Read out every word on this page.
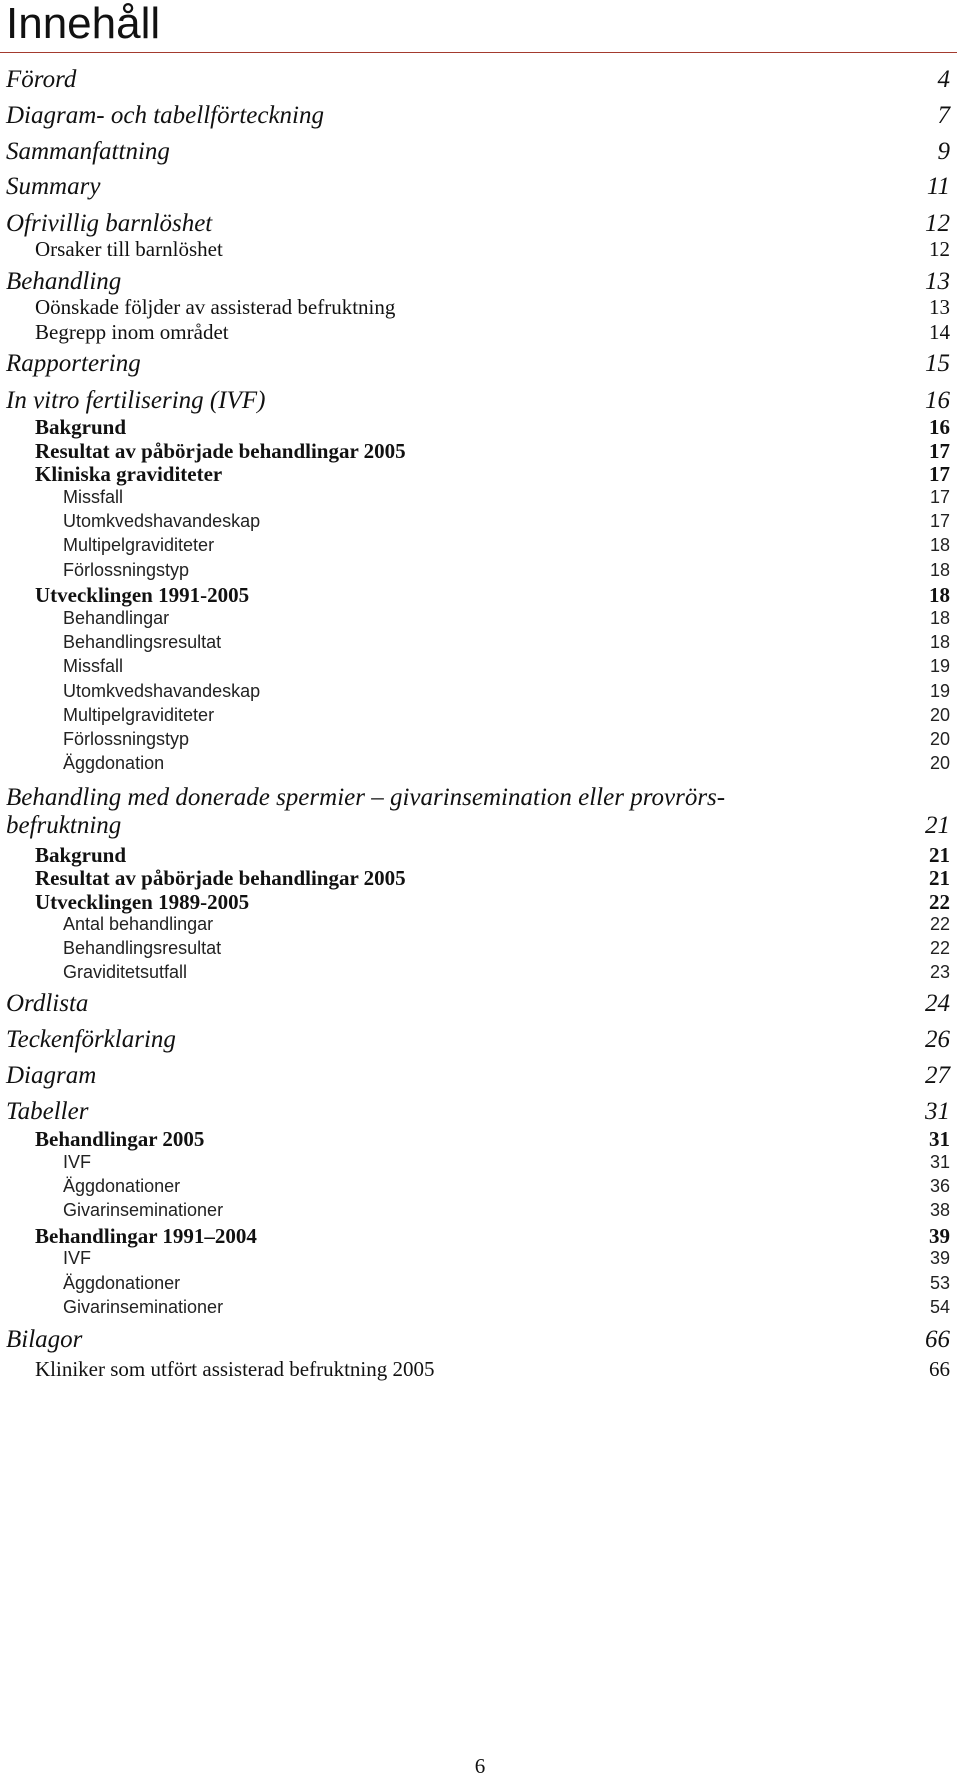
Innehåll
Förord	4
Diagram- och tabellförteckning	7
Sammanfattning	9
Summary	11
Ofrivillig barnlöshet	12
Orsaker till barnlöshet	12
Behandling	13
Oönskade följder av assisterad befruktning	13
Begrepp inom området	14
Rapportering	15
In vitro fertilisering (IVF)	16
Bakgrund	16
Resultat av påbörjade behandlingar 2005	17
Kliniska graviditeter	17
Missfall	17
Utomkvedshavandeskap	17
Multipelgraviditeter	18
Förlossningstyp	18
Utvecklingen 1991-2005	18
Behandlingar	18
Behandlingsresultat	18
Missfall	19
Utomkvedshavandeskap	19
Multipelgraviditeter	20
Förlossningstyp	20
Äggdonation	20
Behandling med donerade spermier – givarinsemination eller provrörs-
befruktning	21
Bakgrund	21
Resultat av påbörjade behandlingar 2005	21
Utvecklingen 1989-2005	22
Antal behandlingar	22
Behandlingsresultat	22
Graviditetsutfall	23
Ordlista	24
Teckenförklaring	26
Diagram	27
Tabeller	31
Behandlingar 2005	31
IVF	31
Äggdonationer	36
Givarinseminationer	38
Behandlingar 1991–2004	39
IVF	39
Äggdonationer	53
Givarinseminationer	54
Bilagor	66
Kliniker som utfört assisterad befruktning 2005	66
6
